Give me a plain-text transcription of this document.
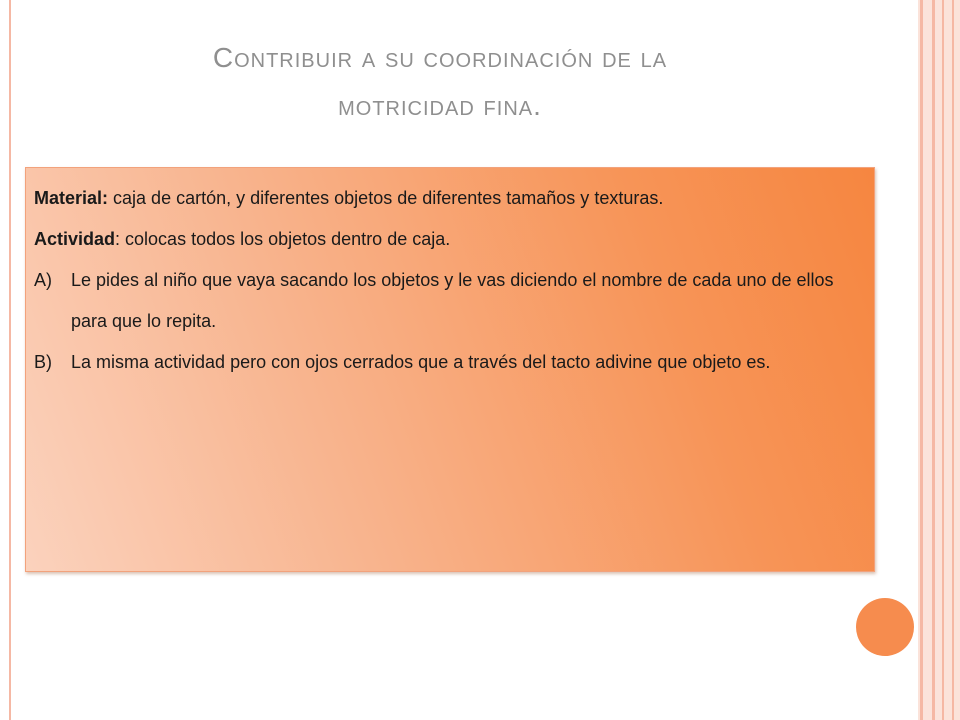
Contribuir a su coordinación de la
motricidad fina.

Material: caja de cartón, y diferentes objetos de diferentes tamaños y texturas.

Actividad: colocas todos los objetos dentro de caja.

A) Le pides al niño que vaya sacando los objetos y le vas diciendo el nombre de cada uno de ellos para que lo repita.
B) La misma actividad pero con ojos cerrados que a través del tacto adivine que objeto es.
